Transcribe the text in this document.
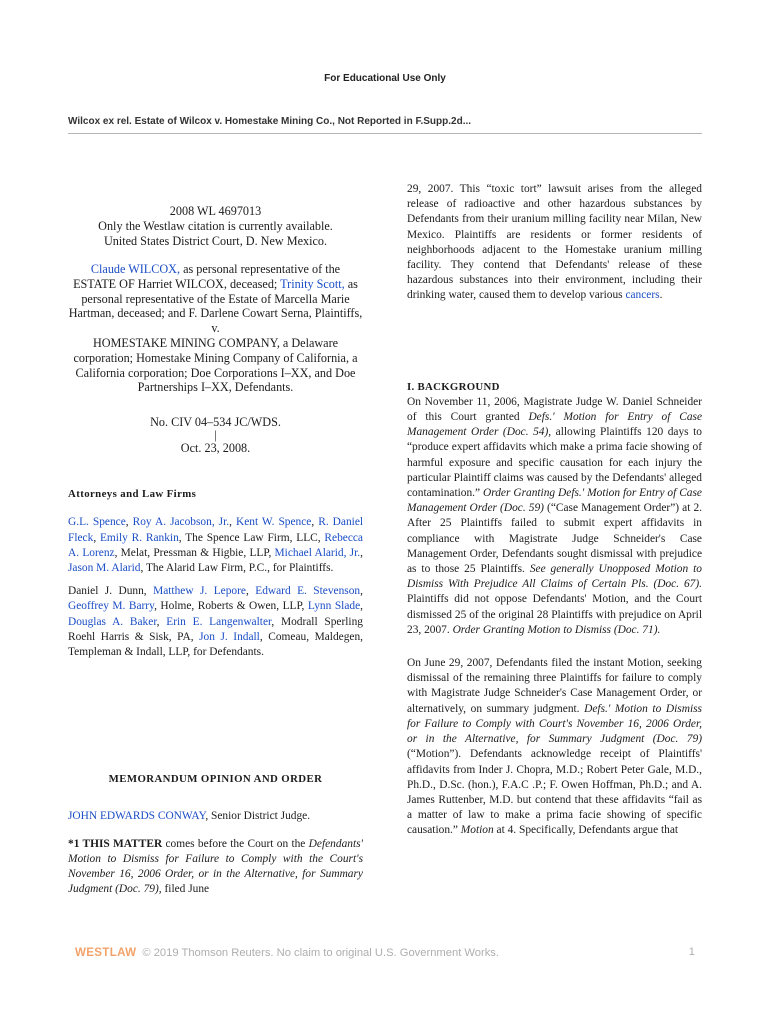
For Educational Use Only
Wilcox ex rel. Estate of Wilcox v. Homestake Mining Co., Not Reported in F.Supp.2d...
2008 WL 4697013
Only the Westlaw citation is currently available.
United States District Court, D. New Mexico.
Claude WILCOX, as personal representative of the ESTATE OF Harriet WILCOX, deceased; Trinity Scott, as personal representative of the Estate of Marcella Marie Hartman, deceased; and F. Darlene Cowart Serna, Plaintiffs,
v.
HOMESTAKE MINING COMPANY, a Delaware corporation; Homestake Mining Company of California, a California corporation; Doe Corporations I–XX, and Doe Partnerships I–XX, Defendants.
No. CIV 04–534 JC/WDS.
|
Oct. 23, 2008.
Attorneys and Law Firms

G.L. Spence, Roy A. Jacobson, Jr., Kent W. Spence, R. Daniel Fleck, Emily R. Rankin, The Spence Law Firm, LLC, Rebecca A. Lorenz, Melat, Pressman & Higbie, LLP, Michael Alarid, Jr., Jason M. Alarid, The Alarid Law Firm, P.C., for Plaintiffs.

Daniel J. Dunn, Matthew J. Lepore, Edward E. Stevenson, Geoffrey M. Barry, Holme, Roberts & Owen, LLP, Lynn Slade, Douglas A. Baker, Erin E. Langenwalter, Modrall Sperling Roehl Harris & Sisk, PA, Jon J. Indall, Comeau, Maldegen, Templeman & Indall, LLP, for Defendants.

MEMORANDUM OPINION AND ORDER

JOHN EDWARDS CONWAY, Senior District Judge.

*1 THIS MATTER comes before the Court on the Defendants' Motion to Dismiss for Failure to Comply with the Court's November 16, 2006 Order, or in the Alternative, for Summary Judgment (Doc. 79), filed June

29, 2007. This “toxic tort” lawsuit arises from the alleged release of radioactive and other hazardous substances by Defendants from their uranium milling facility near Milan, New Mexico. Plaintiffs are residents or former residents of neighborhoods adjacent to the Homestake uranium milling facility. They contend that Defendants' release of these hazardous substances into their environment, including their drinking water, caused them to develop various cancers.

I. BACKGROUND

On November 11, 2006, Magistrate Judge W. Daniel Schneider of this Court granted Defs.' Motion for Entry of Case Management Order (Doc. 54), allowing Plaintiffs 120 days to “produce expert affidavits which make a prima facie showing of harmful exposure and specific causation for each injury the particular Plaintiff claims was caused by the Defendants' alleged contamination.” Order Granting Defs.' Motion for Entry of Case Management Order (Doc. 59) (“Case Management Order”) at 2. After 25 Plaintiffs failed to submit expert affidavits in compliance with Magistrate Judge Schneider's Case Management Order, Defendants sought dismissal with prejudice as to those 25 Plaintiffs. See generally Unopposed Motion to Dismiss With Prejudice All Claims of Certain Pls. (Doc. 67). Plaintiffs did not oppose Defendants' Motion, and the Court dismissed 25 of the original 28 Plaintiffs with prejudice on April 23, 2007. Order Granting Motion to Dismiss (Doc. 71).

On June 29, 2007, Defendants filed the instant Motion, seeking dismissal of the remaining three Plaintiffs for failure to comply with Magistrate Judge Schneider's Case Management Order, or alternatively, on summary judgment. Defs.' Motion to Dismiss for Failure to Comply with Court's November 16, 2006 Order, or in the Alternative, for Summary Judgment (Doc. 79) (“Motion”). Defendants acknowledge receipt of Plaintiffs' affidavits from Inder J. Chopra, M.D.; Robert Peter Gale, M.D., Ph.D., D.Sc. (hon.), F.A.C .P.; F. Owen Hoffman, Ph.D.; and A. James Ruttenber, M.D. but contend that these affidavits “fail as a matter of law to make a prima facie showing of specific causation.” Motion at 4. Specifically, Defendants argue that

WESTLAW © 2019 Thomson Reuters. No claim to original U.S. Government Works.	1
